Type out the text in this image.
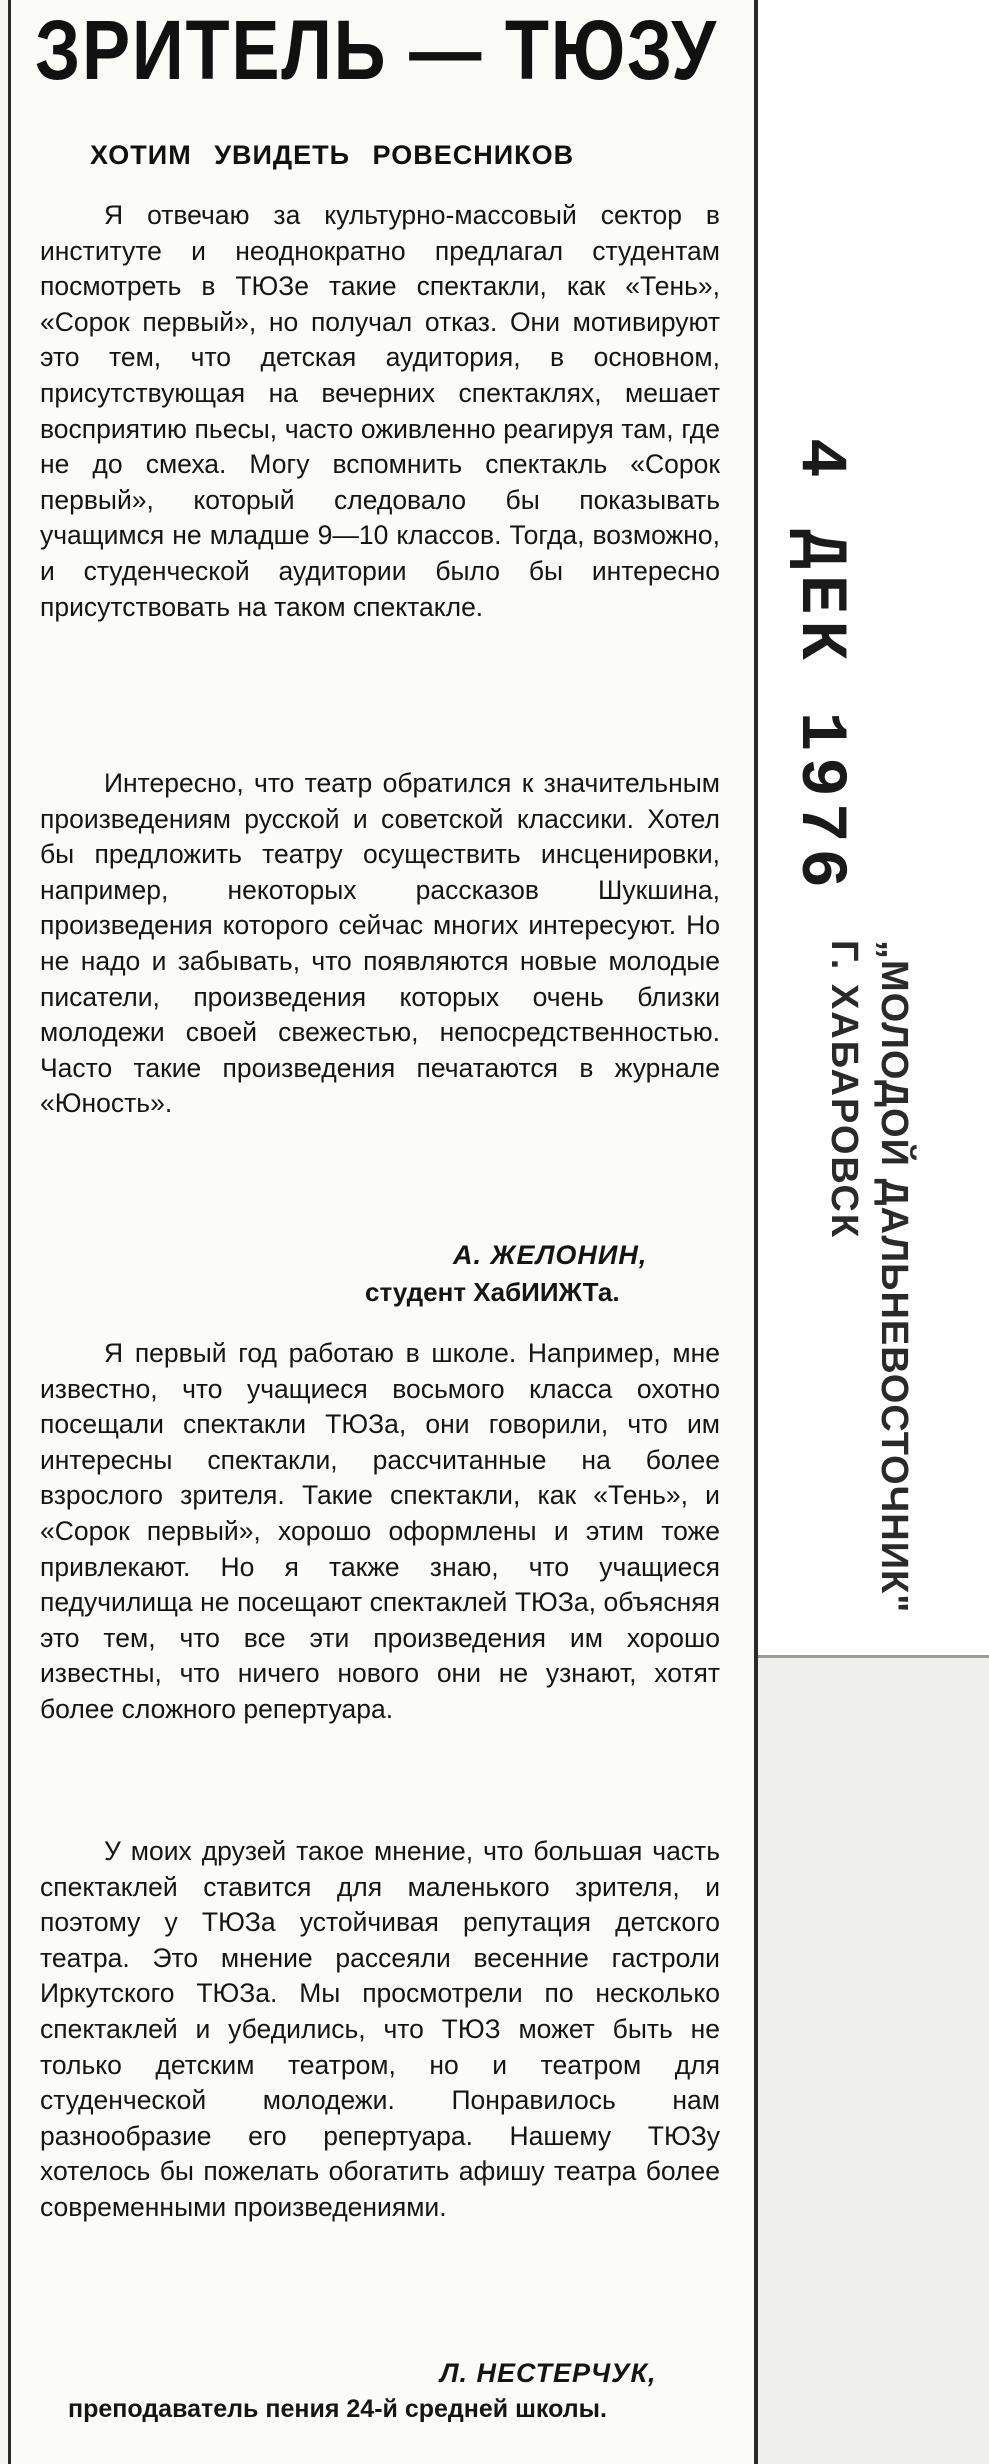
ЗРИТЕЛЬ — ТЮЗУ
ХОТИМ УВИДЕТЬ РОВЕСНИКОВ

Я отвечаю за культурно-массовый сектор в институте и неоднократно предлагал студентам посмотреть в ТЮЗе такие спектакли, как «Тень», «Сорок первый», но получал отказ. Они мотивируют это тем, что детская аудитория, в основном, присутствующая на вечерних спектаклях, мешает восприятию пьесы, часто оживленно реагируя там, где не до смеха. Могу вспомнить спектакль «Сорок первый», который следовало бы показывать учащимся не младше 9—10 классов. Тогда, возможно, и студенческой аудитории было бы интересно присутствовать на таком спектакле.

Интересно, что театр обратился к значительным произведениям русской и советской классики. Хотел бы предложить театру осуществить инсценировки, например, некоторых рассказов Шукшина, произведения которого сейчас многих интересуют. Но не надо и забывать, что появляются новые молодые писатели, произведения которых очень близки молодежи своей свежестью, непосредственностью. Часто такие произведения печатаются в журнале «Юность».

А. ЖЕЛОНИН,
студент ХабИИЖТа.

Я первый год работаю в школе. Например, мне известно, что учащиеся восьмого класса охотно посещали спектакли ТЮЗа, они говорили, что им интересны спектакли, рассчитанные на более взрослого зрителя. Такие спектакли, как «Тень», и «Сорок первый», хорошо оформлены и этим тоже привлекают. Но я также знаю, что учащиеся педучилища не посещают спектаклей ТЮЗа, объясняя это тем, что все эти произведения им хорошо известны, что ничего нового они не узнают, хотят более сложного репертуара.

У моих друзей такое мнение, что большая часть спектаклей ставится для маленького зрителя, и поэтому у ТЮЗа устойчивая репутация детского театра. Это мнение рассеяли весенние гастроли Иркутского ТЮЗа. Мы просмотрели по несколько спектаклей и убедились, что ТЮЗ может быть не только детским театром, но и театром для студенческой молодежи. Понравилось нам разнообразие его репертуара. Нашему ТЮЗу хотелось бы пожелать обогатить афишу театра более современными произведениями.

Л. НЕСТЕРЧУК,
преподаватель пения 24-й средней школы.
4 ДЕК 1976
„МОЛОДОЙ ДАЛЬНЕВОСТОЧНИК"
Г. ХАБАРОВСК
